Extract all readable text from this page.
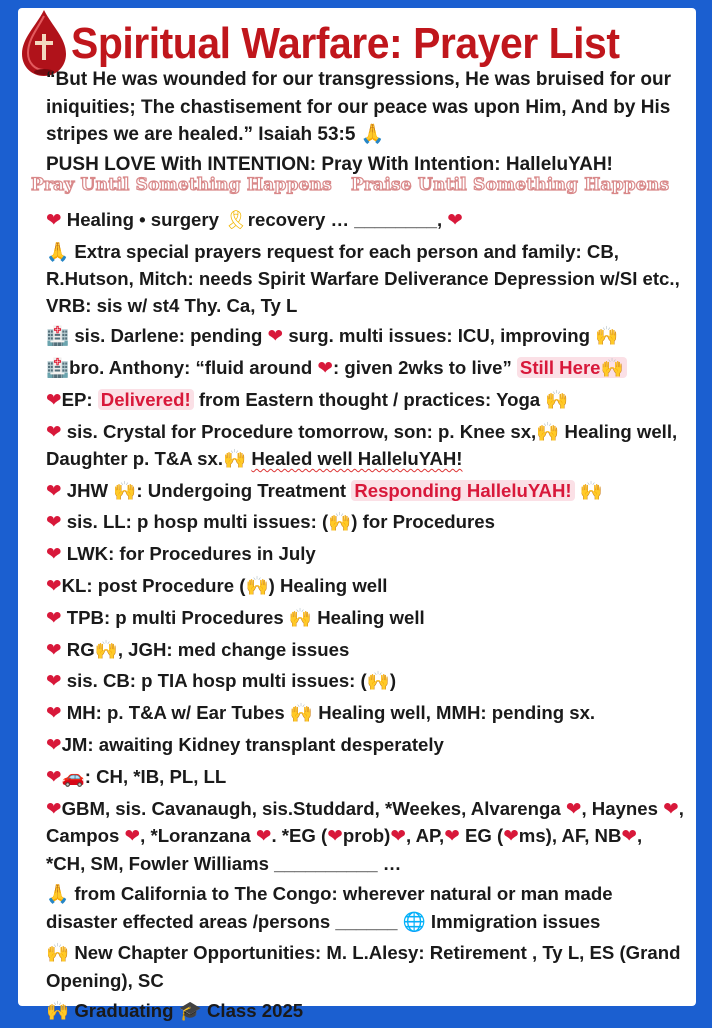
Spiritual Warfare: Prayer List
“But He was wounded for our transgressions, He was bruised for our iniquities; The chastisement for our peace was upon Him, And by His stripes we are healed.” Isaiah 53:5 🙏
PUSH LOVE With INTENTION: Pray With Intention: HalleluYAH!
Pray Until Something Happens Praise Until Something Happens
❤ Healing • surgery 🎗recovery … ________, ❤
🙏 Extra special prayers request for each person and family: CB, R.Hutson, Mitch: needs Spirit Warfare Deliverance Depression w/SI etc., VRB: sis w/ st4 Thy. Ca, Ty L
🏥 sis. Darlene: pending ❤ surg. multi issues: ICU, improving 🙌
🏥bro. Anthony: “fluid around ❤: given 2wks to live” Still Here🙌
❤EP: Delivered! from Eastern thought / practices: Yoga 🙌
❤ sis. Crystal for Procedure tomorrow, son: p. Knee sx,🙌 Healing well, Daughter p. T&A sx.🙌 Healed well HalleluYAH!
❤ JHW 🙌: Undergoing Treatment Responding HalleluYAH! 🙌
❤ sis. LL: p hosp multi issues: (🙌) for Procedures
❤ LWK: for Procedures in July
❤KL: post Procedure (🙌) Healing well
❤ TPB: p multi Procedures 🙌 Healing well
❤ RG🙌, JGH: med change issues
❤ sis. CB: p TIA hosp multi issues: (🙌)
❤ MH: p. T&A w/ Ear Tubes 🙌 Healing well, MMH: pending sx.
❤JM: awaiting Kidney transplant desperately
❤🚗: CH, *IB, PL, LL
❤GBM, sis. Cavanaugh, sis.Studdard, *Weekes, Alvarenga ❤, Haynes ❤, Campos ❤, *Loranzana ❤. *EG (❤prob)❤, AP,❤ EG (❤ms), AF, NB❤, *CH, SM, Fowler Williams __________ …
🙏 from California to The Congo: wherever natural or man made disaster effected areas /persons ______ 🌐 Immigration issues
🙌 New Chapter Opportunities: M. L.Alesy: Retirement , Ty L, ES (Grand Opening), SC
🙌 Graduating 🎓 Class 2025
